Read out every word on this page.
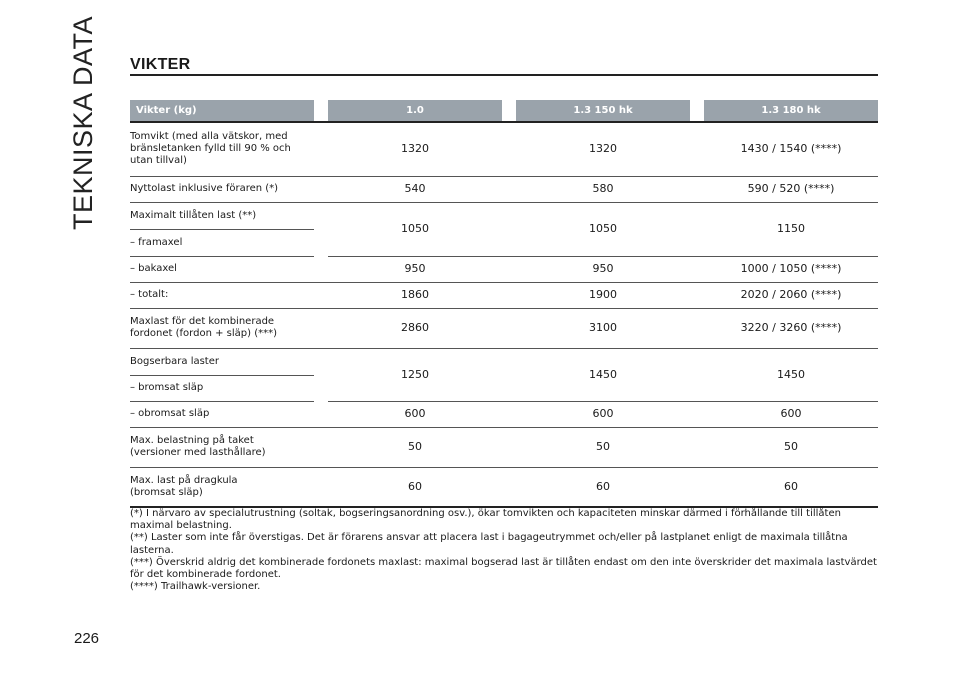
TEKNISKA DATA VIKTER
Vikter (kg)		1.0		1.3 150 hk		1.3 180 hk

Tomvikt (med alla vätskor, med bränsletanken fylld till 90 % och utan tillval)		1320		1320		1430 / 1540 (****)
Nyttolast inklusive föraren (*)		540		580		590 / 520 (****)
Maximalt tillåten last (**)		1050		1050		1150
– framaxel						
– bakaxel		950		950		1000 / 1050 (****)
– totalt:		1860		1900		2020 / 2060 (****)
Maxlast för det kombinerade fordonet (fordon + släp) (***)		2860		3100		3220 / 3260 (****)
Bogserbara laster		1250		1450		1450
– bromsat släp						
– obromsat släp		600		600		600
Max. belastning på taket (versioner med lasthållare)		50		50		50
Max. last på dragkula (bromsat släp)		60		60		60

(*) I närvaro av specialutrustning (soltak, bogseringsanordning osv.), ökar tomvikten och kapaciteten minskar därmed i förhållande till tillåten maximal belastning.

(**) Laster som inte får överstigas. Det är förarens ansvar att placera last i bagageutrymmet och/eller på lastplanet enligt de maximala tillåtna lasterna.

(***) Överskrid aldrig det kombinerade fordonets maxlast: maximal bogserad last är tillåten endast om den inte överskrider det maximala lastvärdet för det kombinerade fordonet.

(****) Trailhawk-versioner.

226
